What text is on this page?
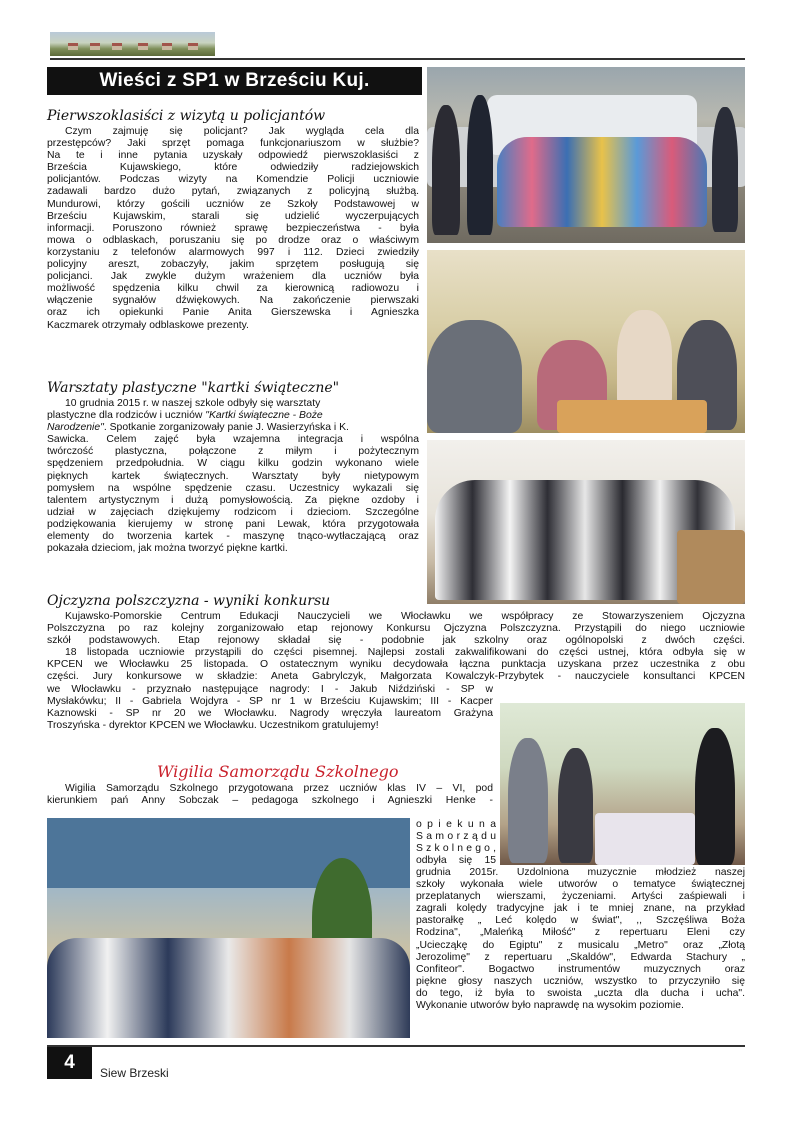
Wieści z SP1 w Brześciu Kuj.
Pierwszoklasiści z wizytą u policjantów
Czym zajmuję się policjant? Jak wygląda cela dla
przestępców? Jaki sprzęt pomaga funkcjonariuszom w służbie?
Na te i inne pytania uzyskały odpowiedź pierwszoklasiści z
Brześcia Kujawskiego, które odwiedziły radziejowskich
policjantów. Podczas wizyty na Komendzie Policji uczniowie
zadawali bardzo dużo pytań, związanych z policyjną służbą.
Mundurowi, którzy gościli uczniów ze Szkoły Podstawowej w
Brześciu Kujawskim, starali się udzielić wyczerpujących
informacji. Poruszono również sprawę bezpieczeństwa - była
mowa o odblaskach, poruszaniu się po drodze oraz o właściwym
korzystaniu z telefonów alarmowych 997 i 112. Dzieci zwiedziły
policyjny areszt, zobaczyły, jakim sprzętem posługują się
policjanci. Jak zwykle dużym wrażeniem dla uczniów była
możliwość spędzenia kilku chwil za kierownicą radiowozu i
włączenie sygnałów dźwiękowych. Na zakończenie pierwszaki
oraz ich opiekunki Panie Anita Gierszewska i Agnieszka
Kaczmarek otrzymały odblaskowe prezenty.
Warsztaty plastyczne "kartki świąteczne"
10 grudnia 2015 r. w naszej szkole odbyły się warsztaty
plastyczne dla rodziców i uczniów "Kartki świąteczne - Boże
Narodzenie". Spotkanie zorganizowały panie J. Wasierzyńska i K.
Sawicka. Celem zajęć była wzajemna integracja i wspólna
twórczość plastyczna, połączone z miłym i pożytecznym
spędzeniem przedpołudnia. W ciągu kilku godzin wykonano wiele
pięknych kartek świątecznych. Warsztaty były nietypowym
pomysłem na wspólne spędzenie czasu. Uczestnicy wykazali się
talentem artystycznym i dużą pomysłowością. Za piękne ozdoby i
udział w zajęciach dziękujemy rodzicom i dzieciom. Szczególne
podziękowania kierujemy w stronę pani Lewak, która przygotowała
elementy do tworzenia kartek - maszynę tnąco-wytłaczającą oraz
pokazała dzieciom, jak można tworzyć piękne kartki.
Ojczyzna polszczyzna - wyniki konkursu
Kujawsko-Pomorskie Centrum Edukacji Nauczycieli we Włocławku we współpracy ze Stowarzyszeniem Ojczyzna
Polszczyzna po raz kolejny zorganizowało etap rejonowy Konkursu Ojczyzna Polszczyzna. Przystąpili do niego uczniowie
szkół podstawowych. Etap rejonowy składał się - podobnie jak szkolny oraz ogólnopolski z dwóch części.
18 listopada uczniowie przystąpili do części pisemnej. Najlepsi zostali zakwalifikowani do części ustnej, która odbyła się w
KPCEN we Włocławku 25 listopada. O ostatecznym wyniku decydowała łączna punktacja uzyskana przez uczestnika z obu
części. Jury konkursowe w składzie: Aneta Gabrylczyk, Małgorzata Kowalczyk-Przybytek - nauczyciele konsultanci KPCEN
we Włocławku - przyznało następujące nagrody: I - Jakub Niździński - SP w
Mysłakówku; II - Gabriela Wojdyra - SP nr 1 w Brześciu Kujawskim; III - Kacper
Kaznowski - SP nr 20 we Włocławku. Nagrody wręczyła laureatom Grażyna
Troszyńska - dyrektor KPCEN we Włocławku. Uczestnikom gratulujemy!
Wigilia Samorządu Szkolnego
Wigilia Samorządu Szkolnego przygotowana przez uczniów klas IV – VI, pod
kierunkiem pań Anny Sobczak – pedagoga szkolnego i Agnieszki Henke -
o p i e k u n a
S a m o r z ą d u
S z k o l n e g o ,
odbyła się 15
grudnia 2015r. Uzdolniona muzycznie młodzież naszej
szkoły wykonała wiele utworów o tematyce świątecznej
przeplatanych wierszami, życzeniami. Artyści zaśpiewali i
zagrali kolędy tradycyjne jak i te mniej znane, na przykład
pastorałkę „ Leć kolędo w świat", ,, Szczęśliwa Boża
Rodzina", „Maleńką Miłość" z repertuaru Eleni czy
„Uciecząkę do Egiptu" z musicalu „Metro" oraz „Złotą
Jerozolimę" z repertuaru „Skaldów", Edwarda Stachury „
Confiteor". Bogactwo instrumentów muzycznych oraz
piękne głosy naszych uczniów, wszystko to przyczyniło się
do tego, iż była to swoista „uczta dla ducha i ucha".
Wykonanie utworów było naprawdę na wysokim poziomie.
4	Siew Brzeski
